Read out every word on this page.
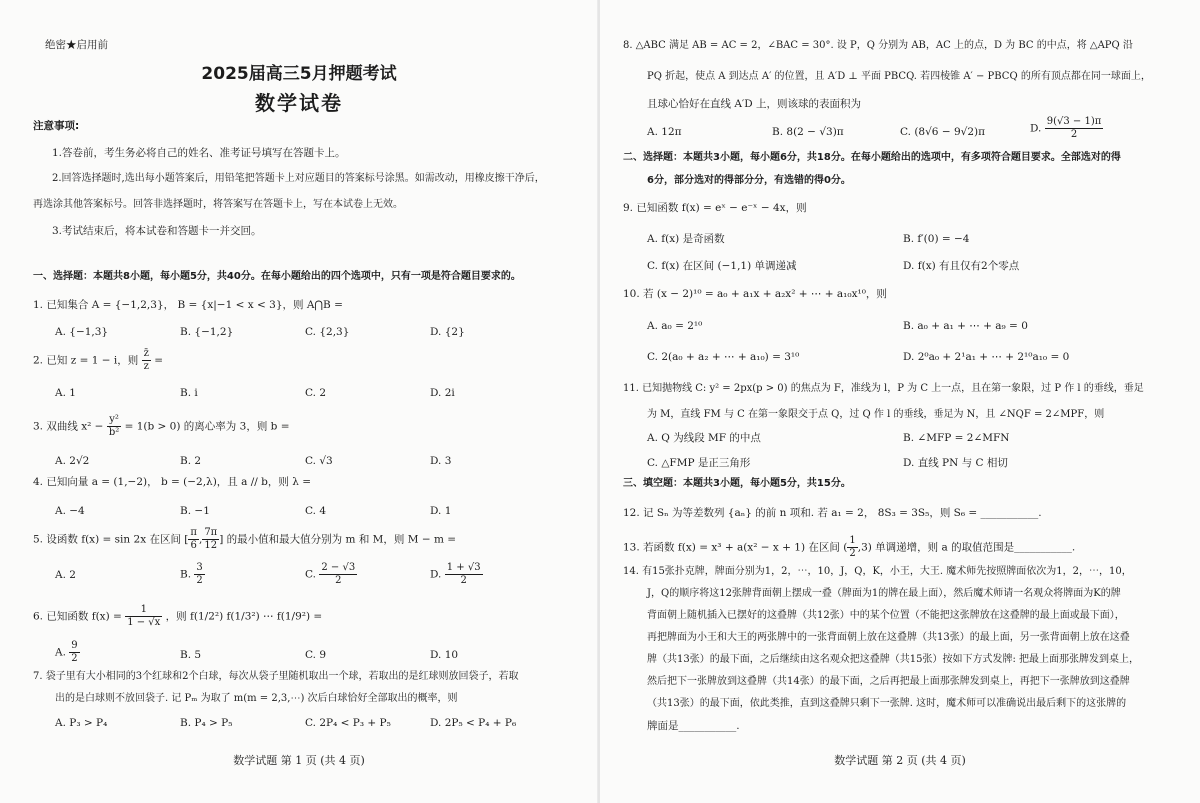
绝密★启用前
2025届高三5月押题考试
数学试卷
注意事项:
1.答卷前，考生务必将自己的姓名、准考证号填写在答题卡上。
2.回答选择题时,选出每小题答案后，用铅笔把答题卡上对应题目的答案标号涂黑。如需改动，用橡皮擦干净后，
再选涂其他答案标号。回答非选择题时，将答案写在答题卡上，写在本试卷上无效。
3.考试结束后，将本试卷和答题卡一并交回。
一、选择题：本题共8小题，每小题5分，共40分。在每小题给出的四个选项中，只有一项是符合题目要求的。
1. 已知集合 A = {−1,2,3}， B = {x|−1 < x < 3}，则 A⋂B =
A. {−1,3}	B. {−1,2}	C. {2,3}	D. {2}
2. 已知 z = 1 − i，则 $\frac{z̄}{z}$ =
A. 1	B. i	C. 2	D. 2i
3. 双曲线 $x^2 - \frac{\text{y²}}{\text{b²}} = 1(b > 0)$ 的离心率为 3，则 b =
A. 2√2	B. 2	C. √3	D. 3
4. 已知向量 a = (1,−2)， b = (−2,λ)，且 a // b，则 λ =
A. −4	B. −1	C. 4	D. 1
5. 设函数 f(x) = sin 2x 在区间 [ $\frac{\pi}{6}$ , $\frac{7\pi}{12}$ ] 的最小值和最大值分别为 m 和 M，则 M − m =
A. 2	B. $\frac{3}{2}$	C. $\frac{2 - √3}{2}$	D. $\frac{1 + √3}{2}$
6. 已知函数 $f(x) = \frac{1}{1 - √x}$ ，则 f(1/2²) f(1/3²) ⋯ f(1/9²) =
A. $\frac{9}{2}$	B. 5	C. 9	D. 10
7. 袋子里有大小相同的3个红球和2个白球，每次从袋子里随机取出一个球，若取出的是红球则放回袋子，若取
出的是白球则不放回袋子. 记 Pₘ 为取了 m(m = 2,3,⋯) 次后白球恰好全部取出的概率，则
A. P₃ > P₄	B. P₄ > P₅	C. 2P₄ < P₃ + P₅	D. 2P₅ < P₄ + P₆
数学试题 第 1 页 (共 4 页)
8. △ABC 满足 AB = AC = 2，∠BAC = 30°. 设 P，Q 分别为 AB，AC 上的点，D 为 BC 的中点，将 △APQ 沿
PQ 折起，使点 A 到达点 A′ 的位置，且 A′D ⊥ 平面 PBCQ. 若四棱锥 A′ − PBCQ 的所有顶点都在同一球面上，
且球心恰好在直线 A′D 上，则该球的表面积为
A. 12π	B. 8(2 − √3)π	C. (8√6 − 9√2)π	D. $\frac{9(√3 - 1)\pi}{2}$
二、选择题：本题共3小题，每小题6分，共18分。在每小题给出的选项中，有多项符合题目要求。全部选对的得
6分，部分选对的得部分分，有选错的得0分。
9. 已知函数 f(x) = eˣ − e⁻ˣ − 4x，则
A. f(x) 是奇函数	B. f′(0) = −4
C. f(x) 在区间 (−1,1) 单调递减	D. f(x) 有且仅有2个零点
10. 若 (x − 2)¹⁰ = a₀ + a₁x + a₂x² + ⋯ + a₁₀x¹⁰，则
A. a₀ = 2¹⁰	B. a₀ + a₁ + ⋯ + a₉ = 0
C. 2(a₀ + a₂ + ⋯ + a₁₀) = 3¹⁰	D. 2⁰a₀ + 2¹a₁ + ⋯ + 2¹⁰a₁₀ = 0
11. 已知抛物线 C: y² = 2px(p > 0) 的焦点为 F，准线为 l，P 为 C 上一点，且在第一象限，过 P 作 l 的垂线，垂足
为 M，直线 FM 与 C 在第一象限交于点 Q，过 Q 作 l 的垂线，垂足为 N，且 ∠NQF = 2∠MPF，则
A. Q 为线段 MF 的中点	B. ∠MFP = 2∠MFN
C. △FMP 是正三角形	D. 直线 PN 与 C 相切
三、填空题：本题共3小题，每小题5分，共15分。
12. 记 Sₙ 为等差数列 {aₙ} 的前 n 项和. 若 a₁ = 2， 8S₃ = 3S₅，则 S₆ = ___________.
13. 若函数 f(x) = x³ + a(x² − x + 1) 在区间 ( $\frac{1}{2} ,3$) 单调递增，则 a 的取值范围是___________.
14. 有15张扑克牌，牌面分别为1，2，⋯，10，J，Q，K，小王，大王. 魔术师先按照牌面依次为1，2，⋯，10，
J，Q的顺序将这12张牌背面朝上摆成一叠（牌面为1的牌在最上面），然后魔术师请一名观众将牌面为K的牌
背面朝上随机插入已摆好的这叠牌（共12张）中的某个位置（不能把这张牌放在这叠牌的最上面或最下面），
再把牌面为小王和大王的两张牌中的一张背面朝上放在这叠牌（共13张）的最上面，另一张背面朝上放在这叠
牌（共13张）的最下面，之后继续由这名观众把这叠牌（共15张）按如下方式发牌: 把最上面那张牌发到桌上，
然后把下一张牌放到这叠牌（共14张）的最下面，之后再把最上面那张牌发到桌上，再把下一张牌放到这叠牌
（共13张）的最下面，依此类推，直到这叠牌只剩下一张牌. 这时，魔术师可以准确说出最后剩下的这张牌的
牌面是___________.
数学试题 第 2 页 (共 4 页)
